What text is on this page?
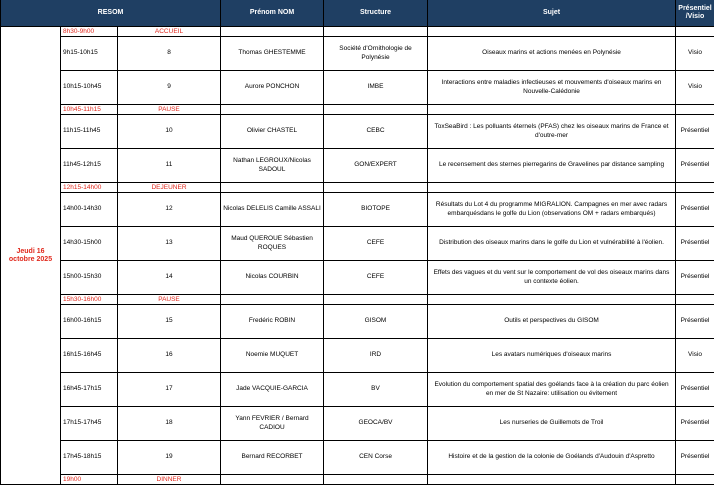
RESOM			Prénom NOM	Structure	Sujet	Présentiel /Visio
Jeudi 16 octobre 2025	8h30-9h00	ACCUEIL				
	9h15-10h15	8	Thomas GHESTEMME	Société d'Ornithologie de Polynésie	Oiseaux marins et actions menées en Polynésie	Visio
	10h15-10h45	9	Aurore PONCHON	IMBE	Interactions entre maladies infectieuses et mouvements d'oiseaux marins en Nouvelle-Calédonie	Visio
	10h45-11h15	PAUSE				
	11h15-11h45	10	Olivier CHASTEL	CEBC	ToxSeaBird : Les polluants éternels (PFAS) chez les oiseaux marins de France et d'outre-mer	Présentiel
	11h45-12h15	11	Nathan LEGROUX/Nicolas SADOUL	GON/EXPERT	Le recensement des sternes pierregarins de Gravelines par distance sampling	Présentiel
	12h15-14h00	DEJEUNER				
	14h00-14h30	12	Nicolas DELELIS Camille ASSALI	BIOTOPE	Résultats du Lot 4 du programme MIGRALION. Campagnes en mer avec radars embarquésdans le golfe du Lion (observations OM + radars embarqués)	Présentiel
	14h30-15h00	13	Maud QUEROUE Sébastien ROQUES	CEFE	Distribution des oiseaux marins dans le golfe du Lion et vulnérabilité à l'éolien.	Présentiel
	15h00-15h30	14	Nicolas COURBIN	CEFE	Effets des vagues et du vent sur le comportement de vol des oiseaux marins dans un contexte éolien.	Présentiel
	15h30-16h00	PAUSE				
	16h00-16h15	15	Fredéric ROBIN	GISOM	Outils et perspectives du GISOM	Présentiel
	16h15-16h45	16	Noemie MUQUET	IRD	Les avatars numériques d'oiseaux marins	Visio
	16h45-17h15	17	Jade VACQUIE-GARCIA	BV	Evolution du comportement spatial des goélands face à la création du parc éolien en mer de St Nazaire: utilisation ou évitement	Présentiel
	17h15-17h45	18	Yann FEVRIER / Bernard CADIOU	GEOCA/BV	Les nurseries de Guillemots de Troil	Présentiel
	17h45-18h15	19	Bernard RECORBET	CEN Corse	Histoire et de la gestion de la colonie de Goélands d'Audouin d'Aspretto	Présentiel
	19h00	DINNER				
